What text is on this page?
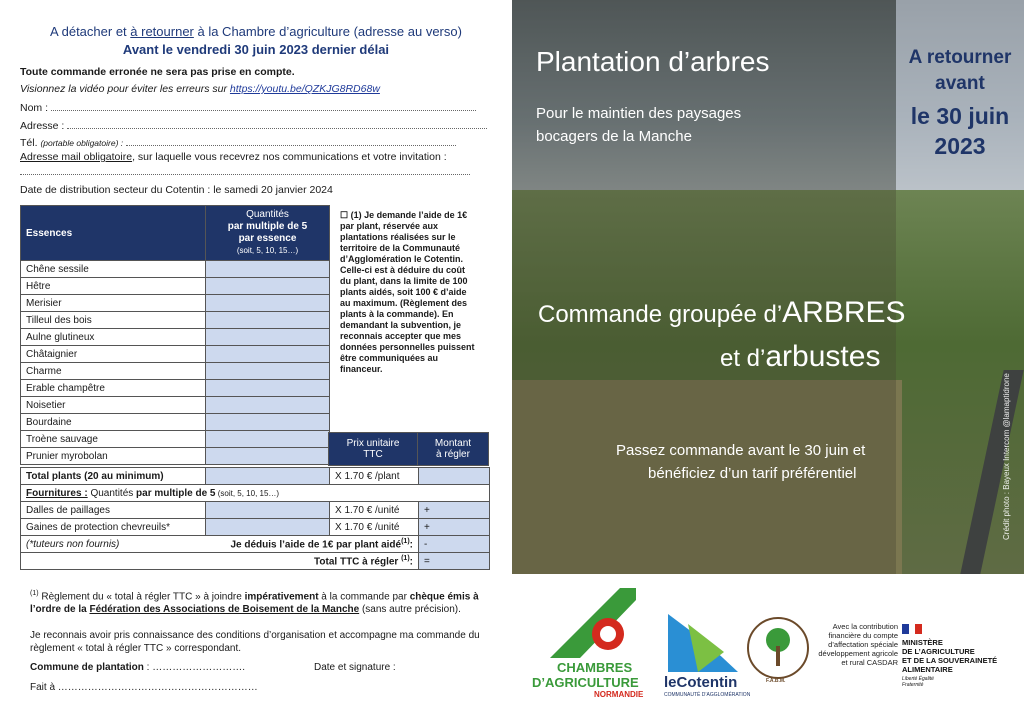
A détacher et à retourner à la Chambre d’agriculture (adresse au verso)
Avant le vendredi 30 juin 2023 dernier délai
Toute commande erronée ne sera pas prise en compte.
Visionnez la vidéo pour éviter les erreurs sur https://youtu.be/QZKJG8RD68w
Nom :
Adresse :
Tél. (portable obligatoire) :
Adresse mail obligatoire, sur laquelle vous recevrez nos communications et votre invitation :
Date de distribution secteur du Cotentin : le samedi 20 janvier 2024
Essences	Quantités
par multiple de 5
par essence
(soit, 5, 10, 15…)

Chêne sessile	
Hêtre	
Merisier	
Tilleul des bois	
Aulne glutineux	
Châtaignier	
Charme	
Erable champêtre	
Noisetier	
Bourdaine	
Troène sauvage	
Prunier myrobolan	
Prix unitaire
TTC

Montant
à régler
Total plants (20 au minimum)		X 1.70 € /plant	
Fournitures : Quantités par multiple de 5 (soit, 5, 10, 15…)			
Dalles de paillages		X 1.70 € /unité	+
Gaines de protection chevreuils*		X 1.70 € /unité	+
(*tuteurs non fournis)	Je déduis l’aide de 1€ par plant aidé$^{(1)}$:		-
Total TTC à régler $^{(1)}$:			=
☐ (1) Je demande l’aide de 1€ par plant, réservée aux plantations réalisées sur le territoire de la Communauté d’Agglomération le Cotentin. Celle-ci est à déduire du coût du plant, dans la limite de 100 plants aidés, soit 100 € d’aide au maximum. (Règlement des plants à la commande). En demandant la subvention, je reconnais accepter que mes données personnelles puissent être communiquées au financeur.
$^{(1)}$ Règlement du « total à régler TTC » à joindre impérativement à la commande par chèque émis à l’ordre de la Fédération des Associations de Boisement de la Manche (sans autre précision).
Je reconnais avoir pris connaissance des conditions d’organisation et accompagne ma commande du règlement « total à régler TTC » correspondant.
Commune de plantation : ……………………….	Date et signature :
Fait à ……………………………………………………
Plantation d’arbres
Pour le maintien des paysages
bocagers de la Manche
A retourner
avant
le 30 juin
2023
Commande groupée d’ARBRES
et d’arbustes
Passez commande avant le 30 juin et
bénéficiez d’un tarif préférentiel	Crédit photo : Bayeux Intercom @lamaptidrone
CHAMBRES
D’AGRICULTURE
NORMANDIE
leCotentin
COMMUNAUTÉ D’AGGLOMÉRATION
F.A.B.M.
Avec la contribution financière du compte d’affectation spéciale développement agricole et rural CASDAR
MINISTÈRE
DE L’AGRICULTURE
ET DE LA SOUVERAINETÉ
ALIMENTAIRE
Liberté Égalité Fraternité
